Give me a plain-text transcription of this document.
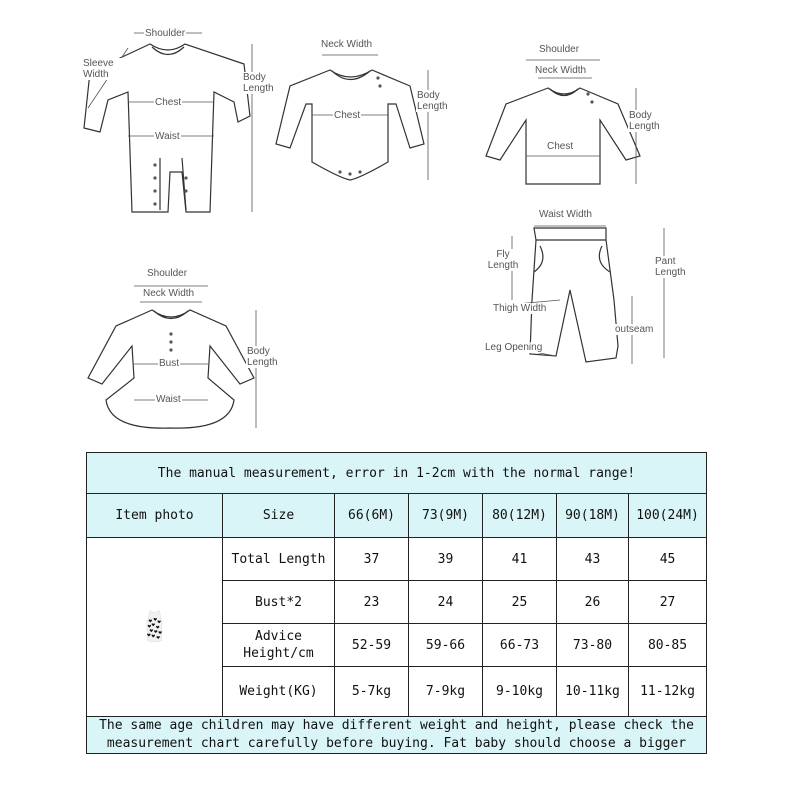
Sleeve Width
Shoulder
Chest
Waist
Body Length
Neck Width
Chest
Body Length
Shoulder
Neck Width
Chest
Body Length
Waist Width
Fly Length	Pant Length
Thigh Width
outseam
Leg Opening
Shoulder
Neck Width
Bust
Waist
Body Length
The manual measurement, error in 1-2cm with the normal range!						
Item photo	Size	66(6M)	73(9M)	80(12M)	90(18M)	100(24M)
	Total Length	37	39	41	43	45
	Bust*2	23	24	25	26	27
	Advice Height/cm	52-59	59-66	66-73	73-80	80-85
	Weight(KG)	5-7kg	7-9kg	9-10kg	10-11kg	11-12kg
The same age children may have different weight and height, please check the measurement chart carefully before buying. Fat baby should choose a bigger						
